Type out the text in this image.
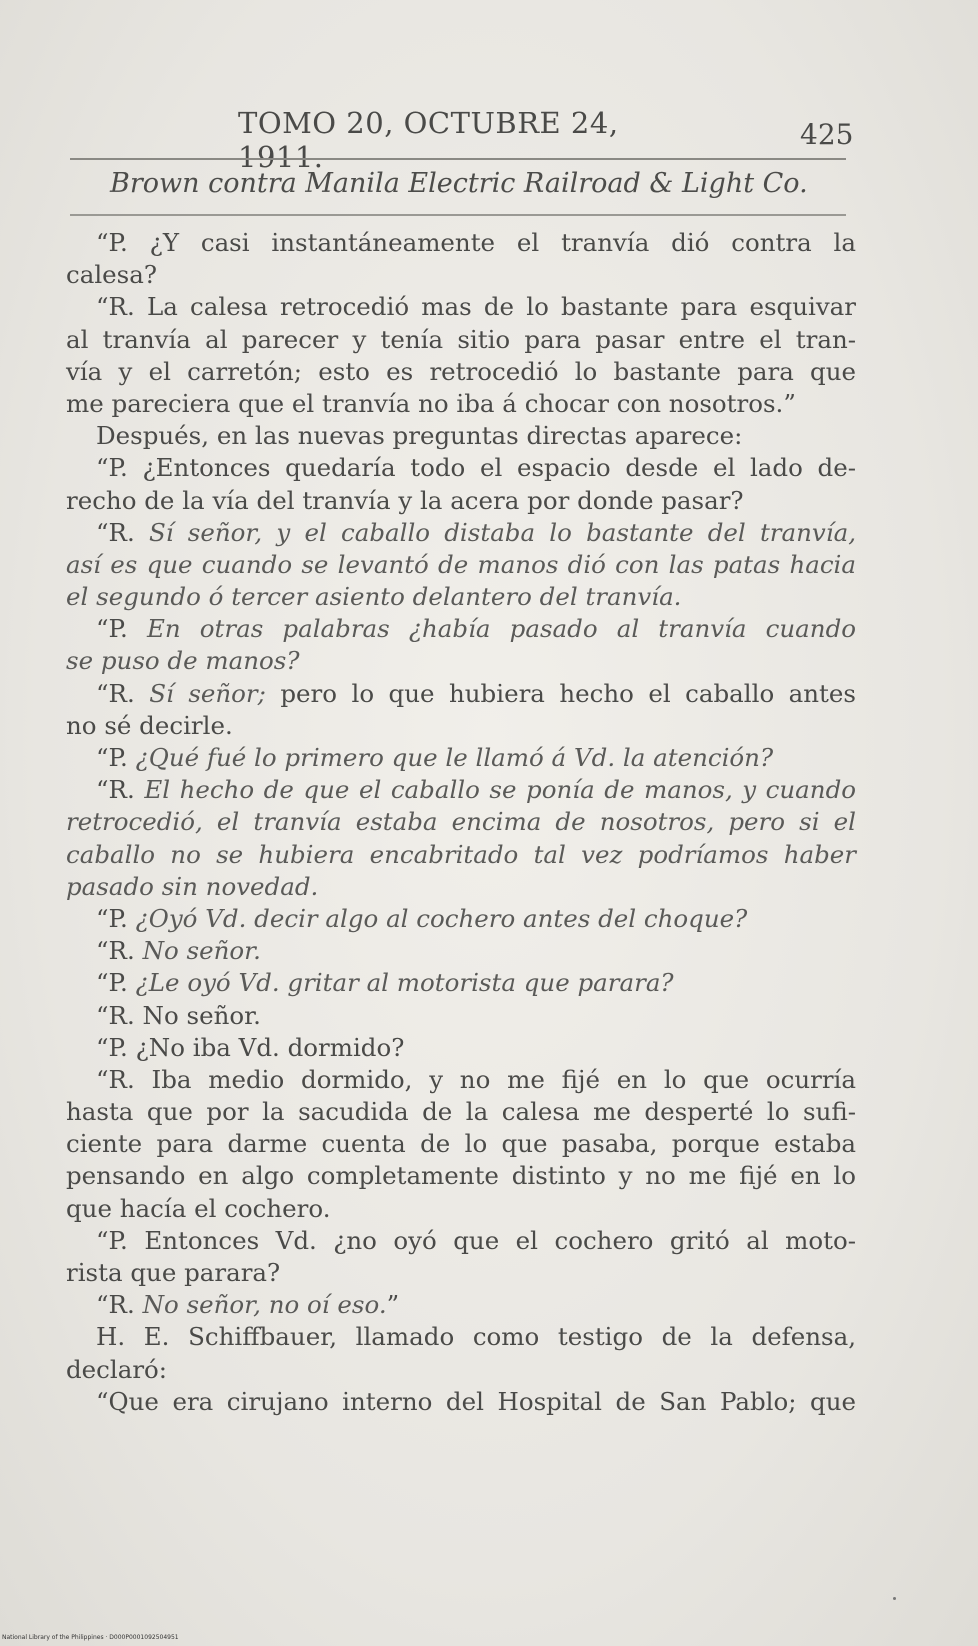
TOMO 20, OCTUBRE 24, 1911.
425
Brown contra Manila Electric Railroad & Light Co.
“P. ¿Y casi instantáneamente el tranvía dió contra la
calesa?
“R. La calesa retrocedió mas de lo bastante para esquivar
al tranvía al parecer y tenía sitio para pasar entre el tran-
vía y el carretón; esto es retrocedió lo bastante para que
me pareciera que el tranvía no iba á chocar con nosotros.”
Después, en las nuevas preguntas directas aparece:
“P. ¿Entonces quedaría todo el espacio desde el lado de-
recho de la vía del tranvía y la acera por donde pasar?
“R. Sí señor, y el caballo distaba lo bastante del tranvía,
así es que cuando se levantó de manos dió con las patas hacia
el segundo ó tercer asiento delantero del tranvía.
“P. En otras palabras ¿había pasado al tranvía cuando
se puso de manos?
“R. Sí señor; pero lo que hubiera hecho el caballo antes
no sé decirle.
“P. ¿Qué fué lo primero que le llamó á Vd. la atención?
“R. El hecho de que el caballo se ponía de manos, y cuando
retrocedió, el tranvía estaba encima de nosotros, pero si el
caballo no se hubiera encabritado tal vez podríamos haber
pasado sin novedad.
“P. ¿Oyó Vd. decir algo al cochero antes del choque?
“R. No señor.
“P. ¿Le oyó Vd. gritar al motorista que parara?
“R. No señor.
“P. ¿No iba Vd. dormido?
“R. Iba medio dormido, y no me fijé en lo que ocurría
hasta que por la sacudida de la calesa me desperté lo sufi-
ciente para darme cuenta de lo que pasaba, porque estaba
pensando en algo completamente distinto y no me fijé en lo
que hacía el cochero.
“P. Entonces Vd. ¿no oyó que el cochero gritó al moto-
rista que parara?
“R. No señor, no oí eso.”
H. E. Schiffbauer, llamado como testigo de la defensa,
declaró:
“Que era cirujano interno del Hospital de San Pablo; que
National Library of the Philippines · D000P0001092504951
